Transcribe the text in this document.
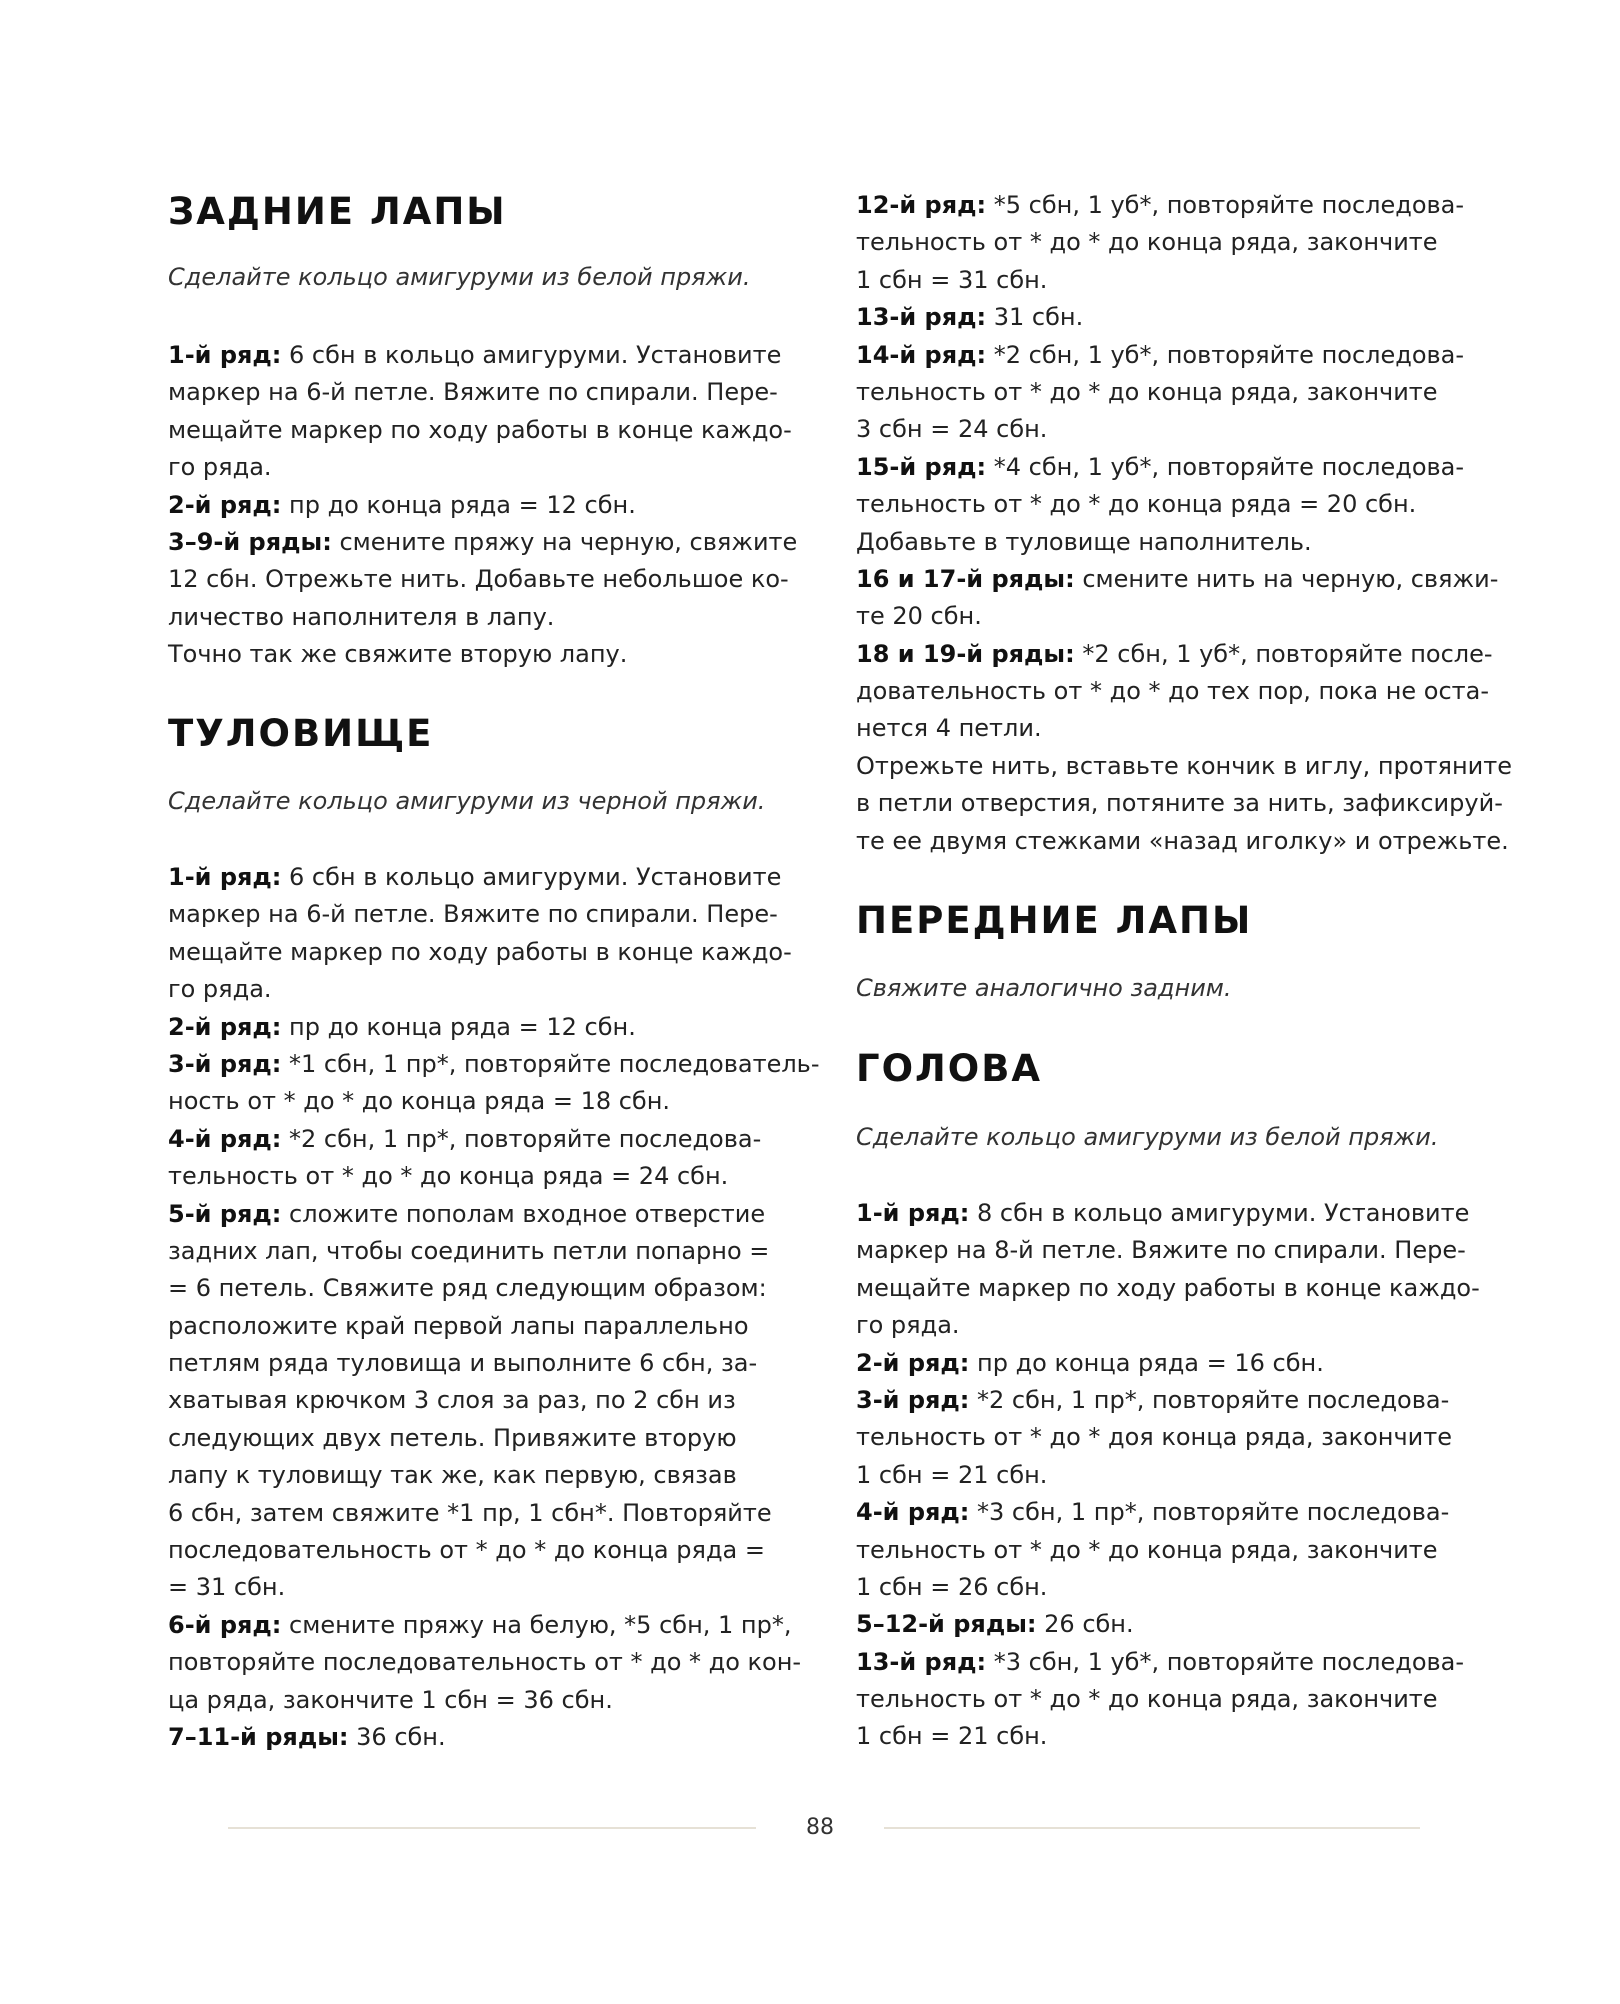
ЗАДНИЕ ЛАПЫ

Сделайте кольцо амигуруми из белой пряжи.

1-й ряд: 6 сбн в кольцо амигуруми. Установите
маркер на 6-й петле. Вяжите по спирали. Пере-
мещайте маркер по ходу работы в конце каждо-
го ряда.
2-й ряд: пр до конца ряда = 12 сбн.
3–9-й ряды: смените пряжу на черную, свяжите
12 сбн. Отрежьте нить. Добавьте небольшое ко-
личество наполнителя в лапу.
Точно так же свяжите вторую лапу.
ТУЛОВИЩЕ

Сделайте кольцо амигуруми из черной пряжи.

1-й ряд: 6 сбн в кольцо амигуруми. Установите
маркер на 6-й петле. Вяжите по спирали. Пере-
мещайте маркер по ходу работы в конце каждо-
го ряда.
2-й ряд: пр до конца ряда = 12 сбн.
3-й ряд: *1 сбн, 1 пр*, повторяйте последователь-
ность от * до * до конца ряда = 18 сбн.
4-й ряд: *2 сбн, 1 пр*, повторяйте последова-
тельность от * до * до конца ряда = 24 сбн.
5-й ряд: сложите пополам входное отверстие
задних лап, чтобы соединить петли попарно =
= 6 петель. Свяжите ряд следующим образом:
расположите край первой лапы параллельно
петлям ряда туловища и выполните 6 сбн, за-
хватывая крючком 3 слоя за раз, по 2 сбн из
следующих двух петель. Привяжите вторую
лапу к туловищу так же, как первую, связав
6 сбн, затем свяжите *1 пр, 1 сбн*. Повторяйте
последовательность от * до * до конца ряда =
= 31 сбн.
6-й ряд: смените пряжу на белую, *5 сбн, 1 пр*,
повторяйте последовательность от * до * до кон-
ца ряда, закончите 1 сбн = 36 сбн.
7–11-й ряды: 36 сбн.
12-й ряд: *5 сбн, 1 уб*, повторяйте последова-
тельность от * до * до конца ряда, закончите
1 сбн = 31 сбн.
13-й ряд: 31 сбн.
14-й ряд: *2 сбн, 1 уб*, повторяйте последова-
тельность от * до * до конца ряда, закончите
3 сбн = 24 сбн.
15-й ряд: *4 сбн, 1 уб*, повторяйте последова-
тельность от * до * до конца ряда = 20 сбн.
Добавьте в туловище наполнитель.
16 и 17-й ряды: смените нить на черную, свяжи-
те 20 сбн.
18 и 19-й ряды: *2 сбн, 1 уб*, повторяйте после-
довательность от * до * до тех пор, пока не оста-
нется 4 петли.
Отрежьте нить, вставьте кончик в иглу, протяните
в петли отверстия, потяните за нить, зафиксируй-
те ее двумя стежками «назад иголку» и отрежьте.
ПЕРЕДНИЕ ЛАПЫ

Свяжите аналогично задним.

ГОЛОВА

Сделайте кольцо амигуруми из белой пряжи.

1-й ряд: 8 сбн в кольцо амигуруми. Установите
маркер на 8-й петле. Вяжите по спирали. Пере-
мещайте маркер по ходу работы в конце каждо-
го ряда.
2-й ряд: пр до конца ряда = 16 сбн.
3-й ряд: *2 сбн, 1 пр*, повторяйте последова-
тельность от * до * доя конца ряда, закончите
1 сбн = 21 сбн.
4-й ряд: *3 сбн, 1 пр*, повторяйте последова-
тельность от * до * до конца ряда, закончите
1 сбн = 26 сбн.
5–12-й ряды: 26 сбн.
13-й ряд: *3 сбн, 1 уб*, повторяйте последова-
тельность от * до * до конца ряда, закончите
1 сбн = 21 сбн.
88
